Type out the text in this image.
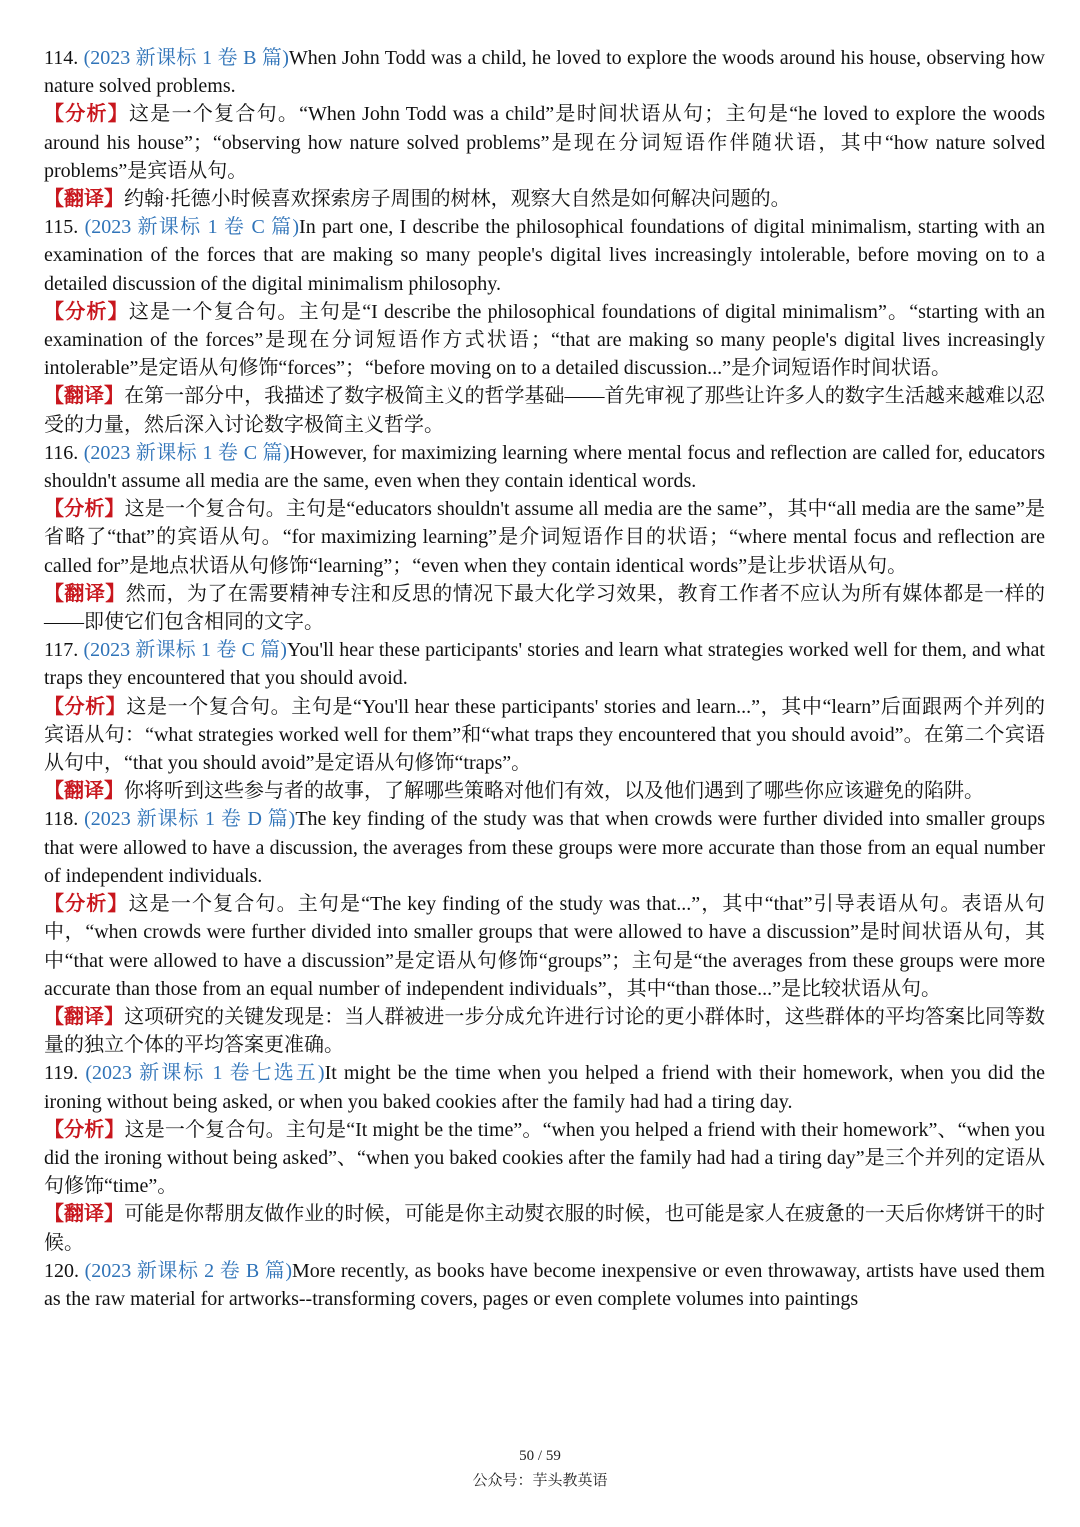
114. (2023 新课标 1 卷 B 篇)When John Todd was a child, he loved to explore the woods around his house, observing how nature solved problems.
【分析】这是一个复合句。“When John Todd was a child”是时间状语从句；主句是“he loved to explore the woods around his house”；“observing how nature solved problems”是现在分词短语作伴随状语，其中“how nature solved problems”是宾语从句。
【翻译】约翰·托德小时候喜欢探索房子周围的树林，观察大自然是如何解决问题的。
115. (2023 新课标 1 卷 C 篇)In part one, I describe the philosophical foundations of digital minimalism, starting with an examination of the forces that are making so many people's digital lives increasingly intolerable, before moving on to a detailed discussion of the digital minimalism philosophy.
【分析】这是一个复合句。主句是“I describe the philosophical foundations of digital minimalism”。“starting with an examination of the forces”是现在分词短语作方式状语；“that are making so many people's digital lives increasingly intolerable”是定语从句修饰“forces”；“before moving on to a detailed discussion...”是介词短语作时间状语。
【翻译】在第一部分中，我描述了数字极简主义的哲学基础——首先审视了那些让许多人的数字生活越来越难以忍受的力量，然后深入讨论数字极简主义哲学。
116. (2023 新课标 1 卷 C 篇)However, for maximizing learning where mental focus and reflection are called for, educators shouldn't assume all media are the same, even when they contain identical words.
【分析】这是一个复合句。主句是“educators shouldn't assume all media are the same”，其中“all media are the same”是省略了“that”的宾语从句。“for maximizing learning”是介词短语作目的状语；“where mental focus and reflection are called for”是地点状语从句修饰“learning”；“even when they contain identical words”是让步状语从句。
【翻译】然而，为了在需要精神专注和反思的情况下最大化学习效果，教育工作者不应认为所有媒体都是一样的——即使它们包含相同的文字。
117. (2023 新课标 1 卷 C 篇)You'll hear these participants' stories and learn what strategies worked well for them, and what traps they encountered that you should avoid.
【分析】这是一个复合句。主句是“You'll hear these participants' stories and learn...”，其中“learn”后面跟两个并列的宾语从句：“what strategies worked well for them”和“what traps they encountered that you should avoid”。在第二个宾语从句中，“that you should avoid”是定语从句修饰“traps”。
【翻译】你将听到这些参与者的故事，了解哪些策略对他们有效，以及他们遇到了哪些你应该避免的陷阱。
118. (2023 新课标 1 卷 D 篇)The key finding of the study was that when crowds were further divided into smaller groups that were allowed to have a discussion, the averages from these groups were more accurate than those from an equal number of independent individuals.
【分析】这是一个复合句。主句是“The key finding of the study was that...”，其中“that”引导表语从句。表语从句中，“when crowds were further divided into smaller groups that were allowed to have a discussion”是时间状语从句，其中“that were allowed to have a discussion”是定语从句修饰“groups”；主句是“the averages from these groups were more accurate than those from an equal number of independent individuals”，其中“than those...”是比较状语从句。
【翻译】这项研究的关键发现是：当人群被进一步分成允许进行讨论的更小群体时，这些群体的平均答案比同等数量的独立个体的平均答案更准确。
119. (2023 新课标 1 卷七选五)It might be the time when you helped a friend with their homework, when you did the ironing without being asked, or when you baked cookies after the family had had a tiring day.
【分析】这是一个复合句。主句是“It might be the time”。“when you helped a friend with their homework”、“when you did the ironing without being asked”、“when you baked cookies after the family had had a tiring day”是三个并列的定语从句修饰“time”。
【翻译】可能是你帮朋友做作业的时候，可能是你主动熨衣服的时候，也可能是家人在疲惫的一天后你烤饼干的时候。
120. (2023 新课标 2 卷 B 篇)More recently, as books have become inexpensive or even throwaway, artists have used them as the raw material for artworks--transforming covers, pages or even complete volumes into paintings
50 / 59
公众号：芋头教英语
